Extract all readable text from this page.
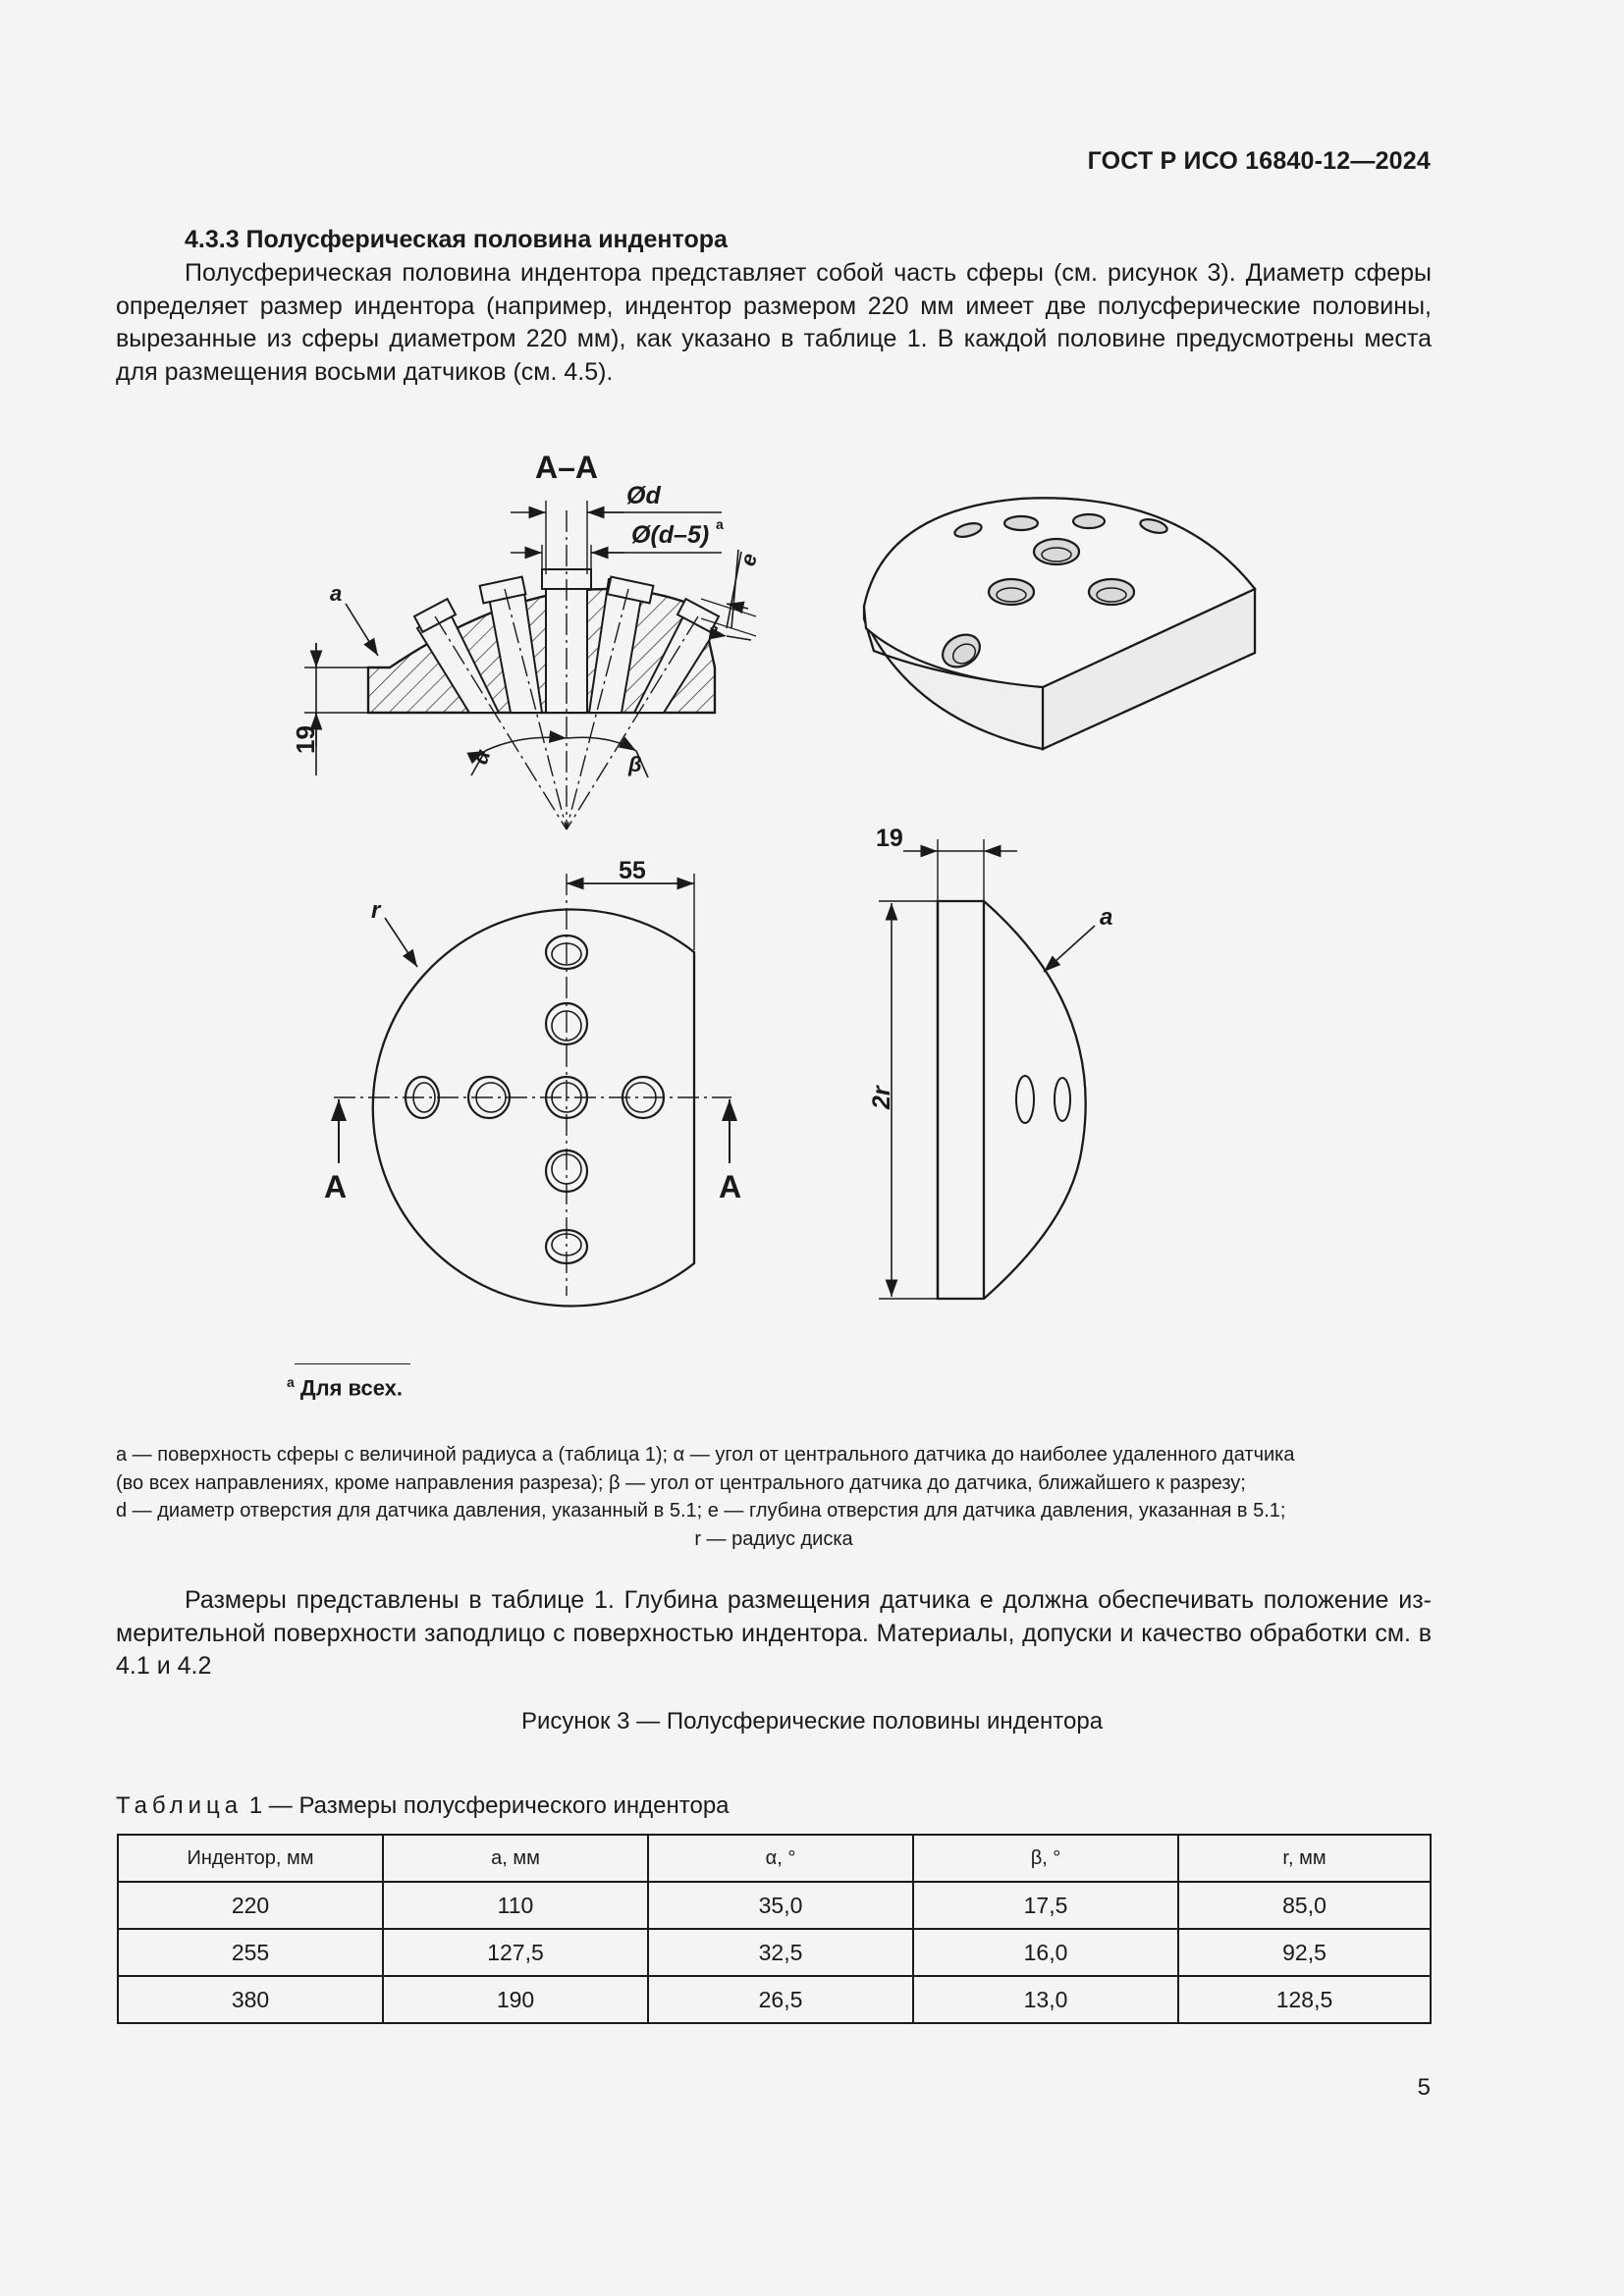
ГОСТ Р ИСО 16840-12—2024
4.3.3 Полусферическая половина индентора
Полусферическая половина индентора представляет собой часть сферы (см. рисунок 3). Диаметр сферы определяет размер индентора (например, индентор размером 220 мм имеет две полусферические половины, вырезанные из сферы диаметром 220 мм), как указано в таблице 1. В каждой половине предусмотрены места для размещения восьми датчиков (см. 4.5).
A–A
Ød
Ø(d–5) a
e
a
19
α	β
55
r
A	A
19
a
2r
$^a$ Для всех.
a — поверхность сферы с величиной радиуса a (таблица 1); α — угол от центрального датчика до наиболее удаленного датчика
(во всех направлениях, кроме направления разреза); β — угол от центрального датчика до датчика, ближайшего к разрезу;
d — диаметр отверстия для датчика давления, указанный в 5.1; e — глубина отверстия для датчика давления, указанная в 5.1;
r — радиус диска
Размеры представлены в таблице 1. Глубина размещения датчика e должна обеспечивать положение измерительной поверхности заподлицо с поверхностью индентора. Материалы, допуски и качество обработки см. в 4.1 и 4.2
Рисунок 3 — Полусферические половины индентора
Таблица 1 — Размеры полусферического индентора
Индентор, мм	a, мм	α, °	β, °	r, мм
220	110	35,0	17,5	85,0
255	127,5	32,5	16,0	92,5
380	190	26,5	13,0	128,5
5
